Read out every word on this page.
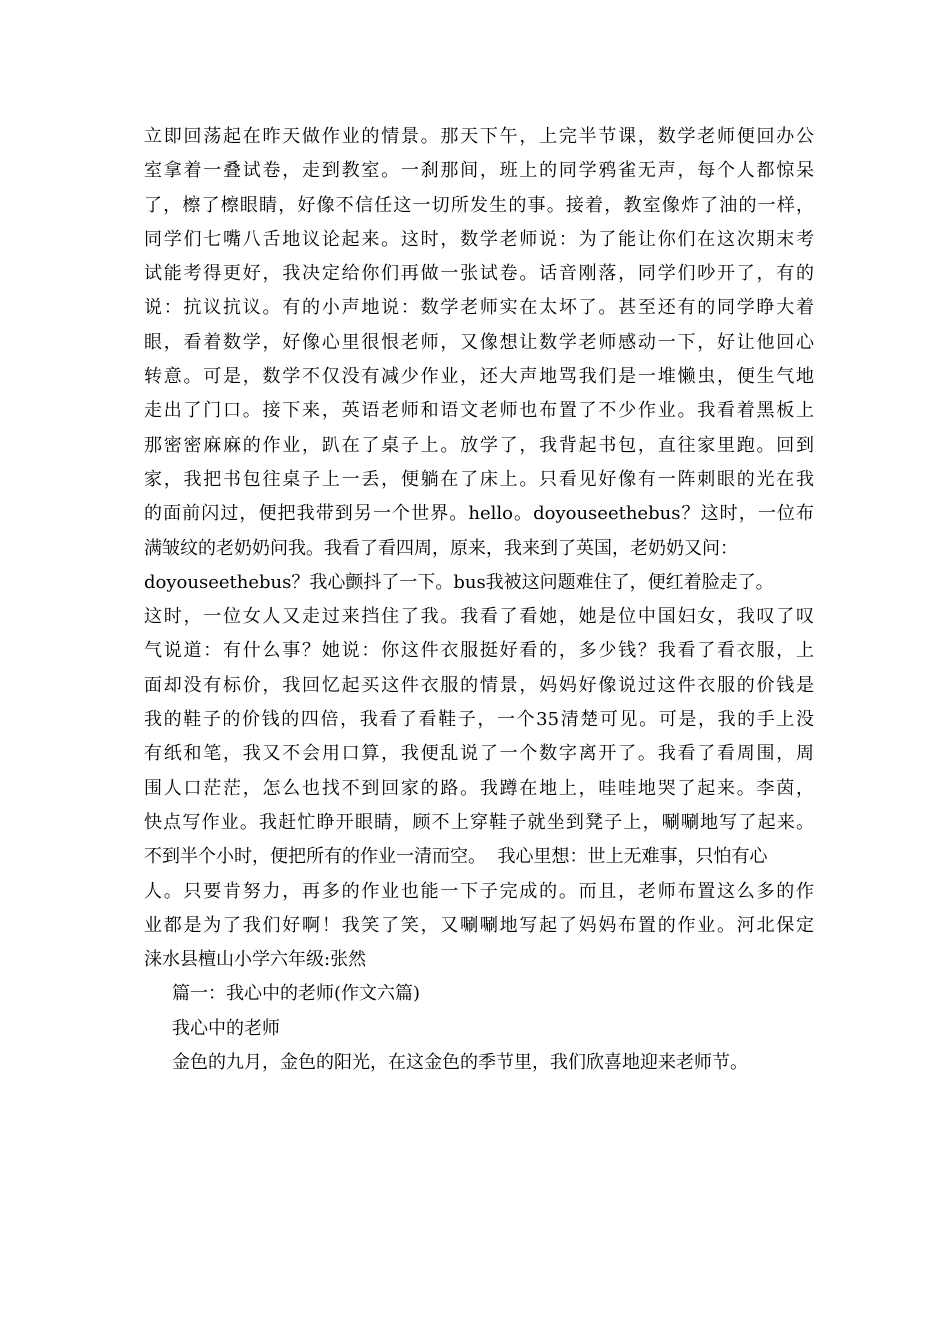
立即回荡起在昨天做作业的情景。那天下午，上完半节课，数学老师便回办公
室拿着一叠试卷，走到教室。一刹那间，班上的同学鸦雀无声，每个人都惊呆
了，檫了檫眼睛，好像不信任这一切所发生的事。接着，教室像炸了油的一样，
同学们七嘴八舌地议论起来。这时，数学老师说：为了能让你们在这次期末考
试能考得更好，我决定给你们再做一张试卷。话音刚落，同学们吵开了，有的
说：抗议抗议。有的小声地说：数学老师实在太坏了。甚至还有的同学睁大着
眼，看着数学，好像心里很恨老师，又像想让数学老师感动一下，好让他回心
转意。可是，数学不仅没有减少作业，还大声地骂我们是一堆懒虫，便生气地
走出了门口。接下来，英语老师和语文老师也布置了不少作业。我看着黑板上
那密密麻麻的作业，趴在了桌子上。放学了，我背起书包，直往家里跑。回到
家，我把书包往桌子上一丢，便躺在了床上。只看见好像有一阵刺眼的光在我
的面前闪过，便把我带到另一个世界。hello。doyouseethebus？这时，一位布
满皱纹的老奶奶问我。我看了看四周，原来，我来到了英国，老奶奶又问：
doyouseethebus？我心颤抖了一下。bus我被这问题难住了，便红着脸走了。
这时，一位女人又走过来挡住了我。我看了看她，她是位中国妇女，我叹了叹
气说道：有什么事？她说：你这件衣服挺好看的，多少钱？我看了看衣服，上
面却没有标价，我回忆起买这件衣服的情景，妈妈好像说过这件衣服的价钱是
我的鞋子的价钱的四倍，我看了看鞋子，一个35清楚可见。可是，我的手上没
有纸和笔，我又不会用口算，我便乱说了一个数字离开了。我看了看周围，周
围人口茫茫，怎么也找不到回家的路。我蹲在地上，哇哇地哭了起来。李茵，
快点写作业。我赶忙睁开眼睛，顾不上穿鞋子就坐到凳子上，唰唰地写了起来。
不到半个小时，便把所有的作业一清而空。  我心里想：世上无难事，只怕有心
人。只要肯努力，再多的作业也能一下子完成的。而且，老师布置这么多的作
业都是为了我们好啊！我笑了笑，又唰唰地写起了妈妈布置的作业。河北保定
涞水县檀山小学六年级:张然
篇一：我心中的老师(作文六篇)
我心中的老师
金色的九月，金色的阳光，在这金色的季节里，我们欣喜地迎来老师节。
